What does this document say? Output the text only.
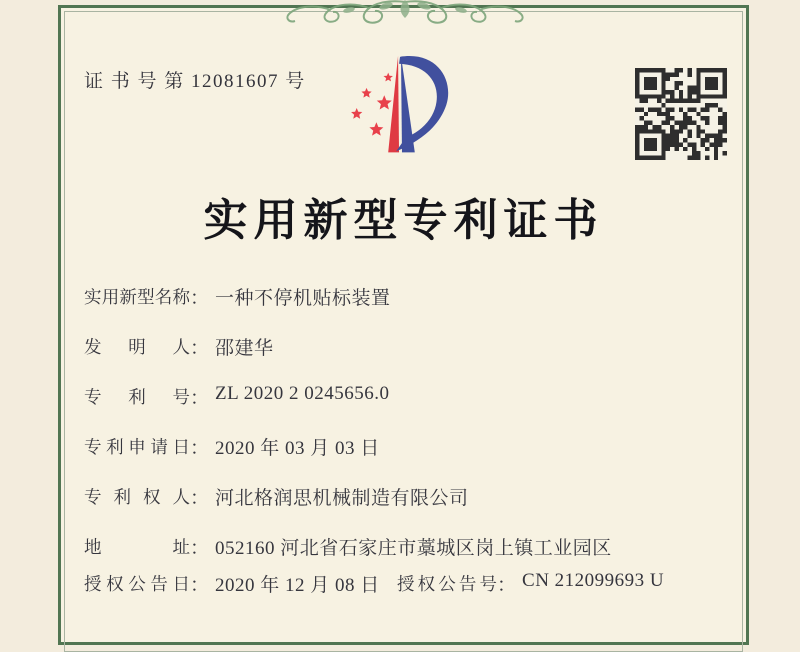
证 书 号 第 12081607 号
实用新型专利证书
实 用 新 型 名 称 ： 一种不停机贴标装置
发 明 人 ： 邵建华
专 利 号 ： ZL 2020 2 0245656.0
专 利 申 请 日 ： 2020 年 03 月 03 日
专 利 权 人 ： 河北格润思机械制造有限公司
地	址 ： 052160 河北省石家庄市藁城区岗上镇工业园区
授 权 公 告 日 ： 2020 年 12 月 08 日 授 权 公 告 号 ： CN 212099693 U
